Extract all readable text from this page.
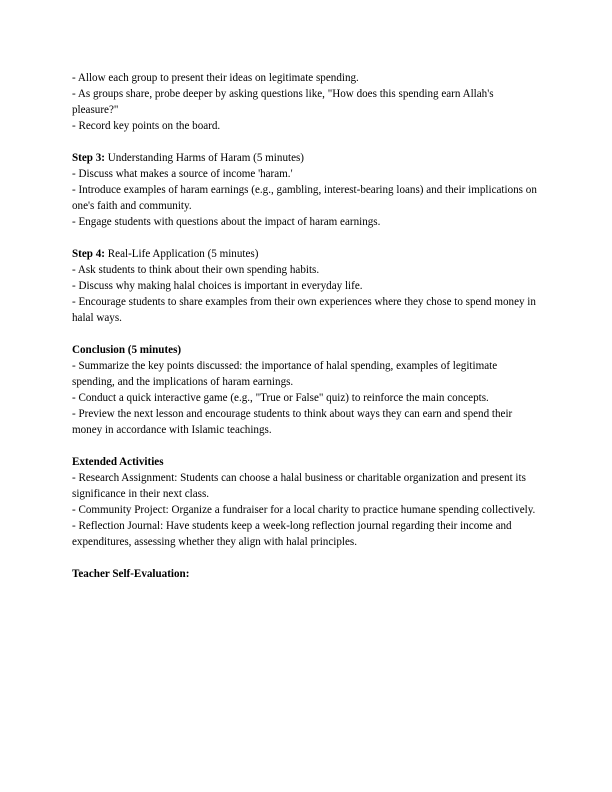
- Allow each group to present their ideas on legitimate spending.
- As groups share, probe deeper by asking questions like, "How does this spending earn Allah's pleasure?"
- Record key points on the board.
Step 3: Understanding Harms of Haram (5 minutes)
- Discuss what makes a source of income 'haram.'
- Introduce examples of haram earnings (e.g., gambling, interest-bearing loans) and their implications on one's faith and community.
- Engage students with questions about the impact of haram earnings.
Step 4: Real-Life Application (5 minutes)
- Ask students to think about their own spending habits.
- Discuss why making halal choices is important in everyday life.
- Encourage students to share examples from their own experiences where they chose to spend money in halal ways.
Conclusion (5 minutes)
- Summarize the key points discussed: the importance of halal spending, examples of legitimate spending, and the implications of haram earnings.
- Conduct a quick interactive game (e.g., "True or False" quiz) to reinforce the main concepts.
- Preview the next lesson and encourage students to think about ways they can earn and spend their money in accordance with Islamic teachings.
Extended Activities
- Research Assignment: Students can choose a halal business or charitable organization and present its significance in their next class.
- Community Project: Organize a fundraiser for a local charity to practice humane spending collectively.
- Reflection Journal: Have students keep a week-long reflection journal regarding their income and expenditures, assessing whether they align with halal principles.
Teacher Self-Evaluation:
